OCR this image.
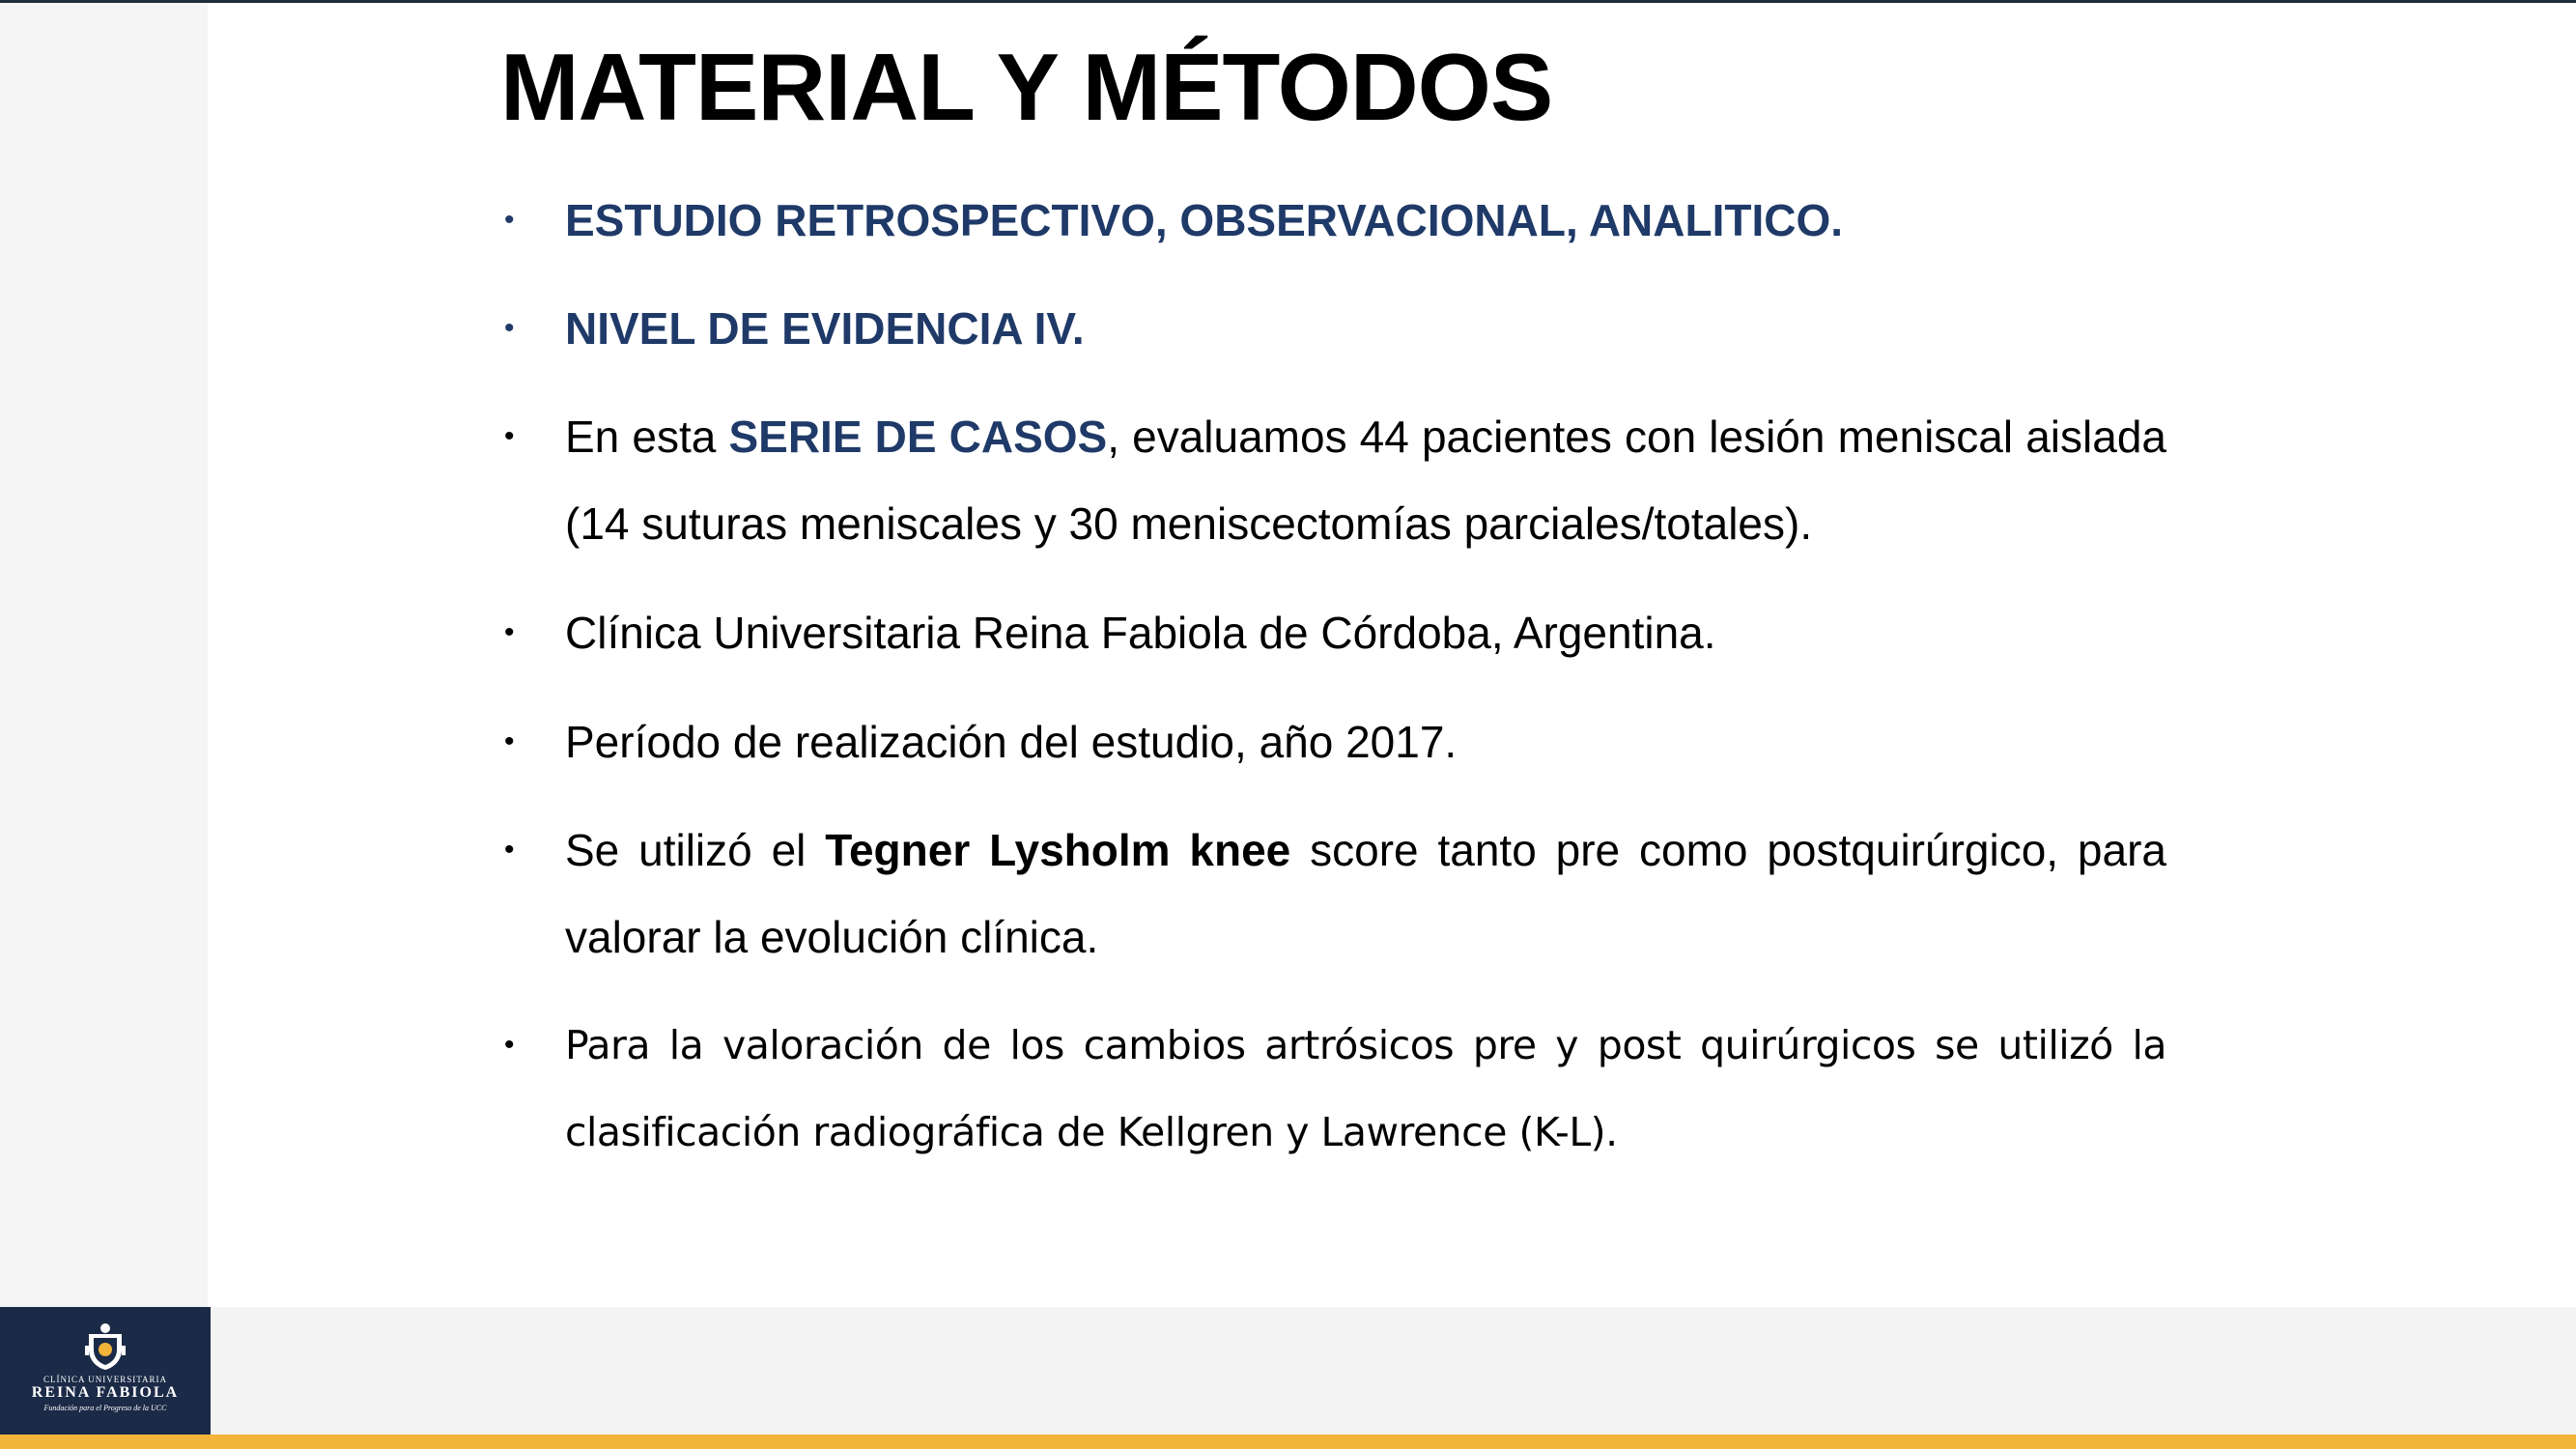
CLÍNICA UNIVERSITARIA
REINA FABIOLA
Fundación para el Progreso de la UCC
MATERIAL Y MÉTODOS
• ESTUDIO RETROSPECTIVO, OBSERVACIONAL, ANALITICO.
• NIVEL DE EVIDENCIA IV.
• En esta SERIE DE CASOS, evaluamos 44 pacientes con lesión meniscal aislada (14 suturas meniscales y 30 meniscectomías parciales/totales).
• Clínica Universitaria Reina Fabiola de Córdoba, Argentina.
• Período de realización del estudio, año 2017.
• Se utilizó el Tegner Lysholm knee score tanto pre como postquirúrgico, para valorar la evolución clínica.
• Para la valoración de los cambios artrósicos pre y post quirúrgicos se utilizó la clasificación radiográfica de Kellgren y Lawrence (K-L).
